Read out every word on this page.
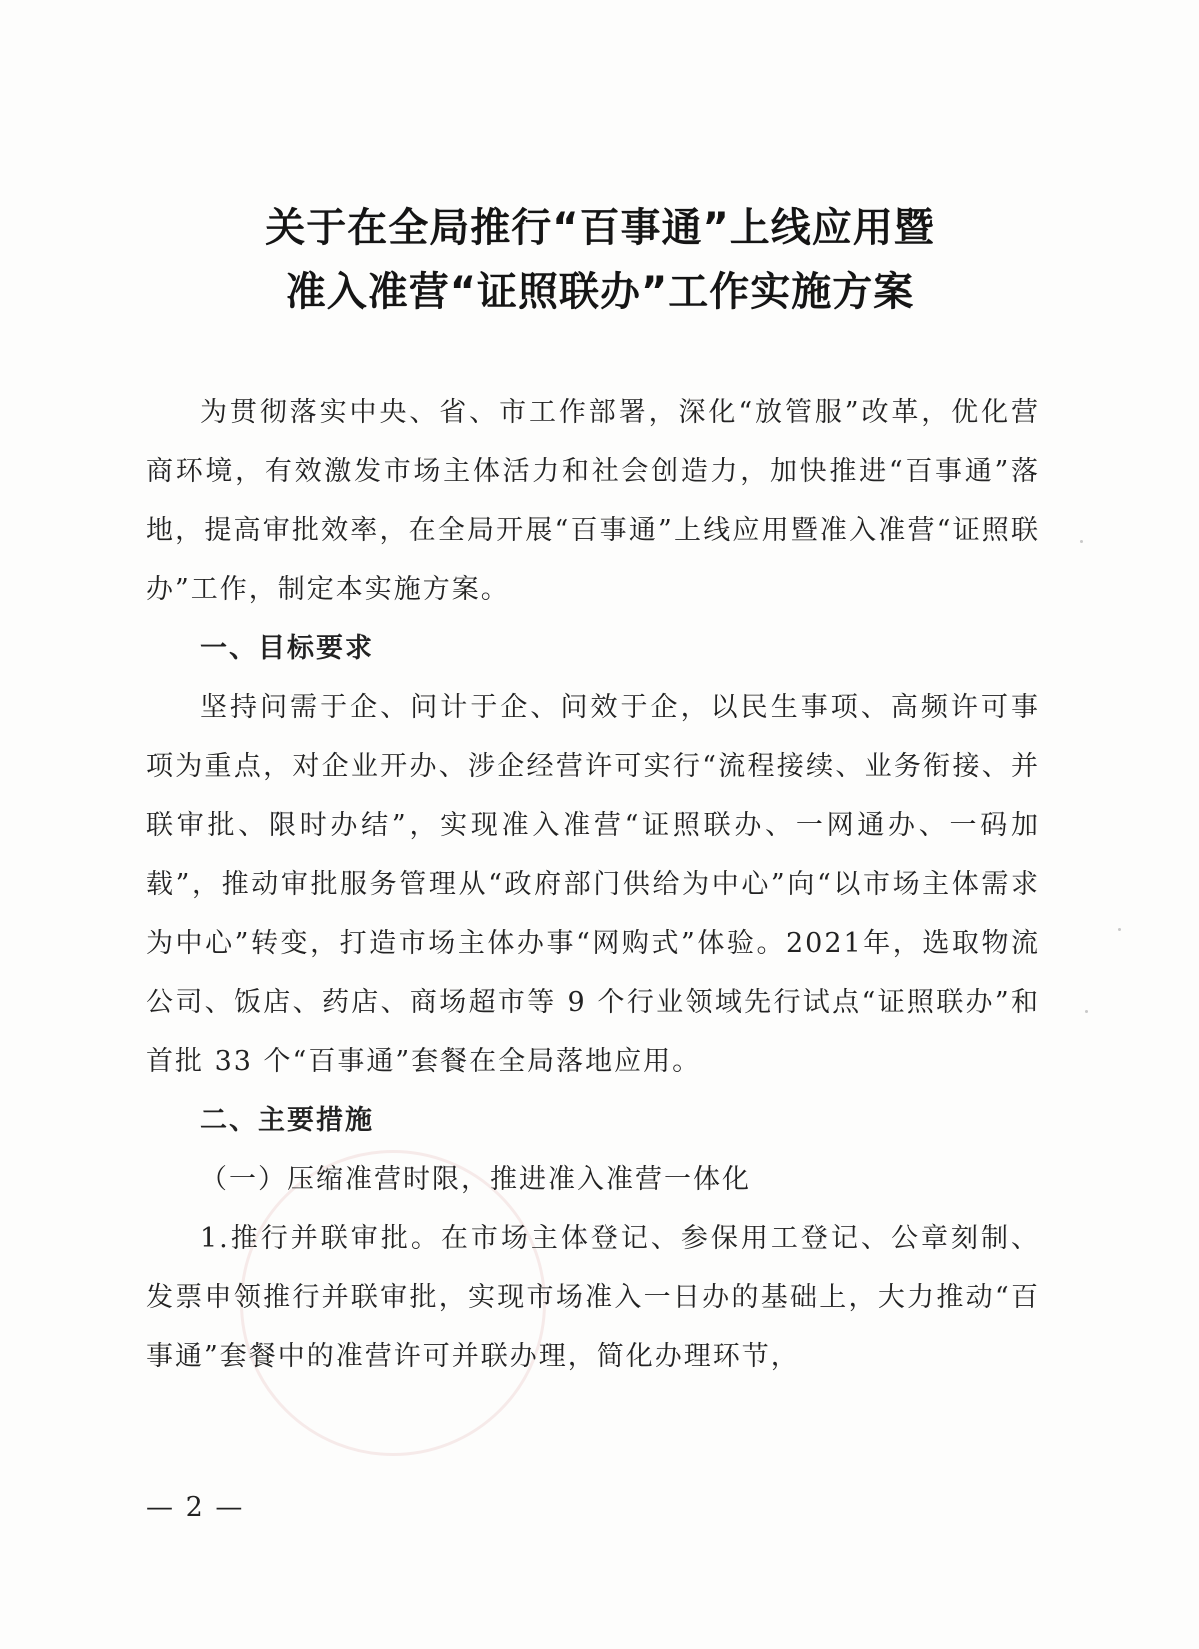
关于在全局推行“百事通”上线应用暨
准入准营“证照联办”工作实施方案

为贯彻落实中央、省、市工作部署，深化“放管服”改革，优化营商环境，有效激发市场主体活力和社会创造力，加快推进“百事通”落地，提高审批效率，在全局开展“百事通”上线应用暨准入准营“证照联办”工作，制定本实施方案。

一、目标要求

坚持问需于企、问计于企、问效于企，以民生事项、高频许可事项为重点，对企业开办、涉企经营许可实行“流程接续、业务衔接、并联审批、限时办结”，实现准入准营“证照联办、一网通办、一码加载”，推动审批服务管理从“政府部门供给为中心”向“以市场主体需求为中心”转变，打造市场主体办事“网购式”体验。2021年，选取物流公司、饭店、药店、商场超市等 9 个行业领域先行试点“证照联办”和首批 33 个“百事通”套餐在全局落地应用。

二、主要措施
（一）压缩准营时限，推进准入准营一体化

1.推行并联审批。在市场主体登记、参保用工登记、公章刻制、发票申领推行并联审批，实现市场准入一日办的基础上，大力推动“百事通”套餐中的准营许可并联办理，简化办理环节，

— 2 —
